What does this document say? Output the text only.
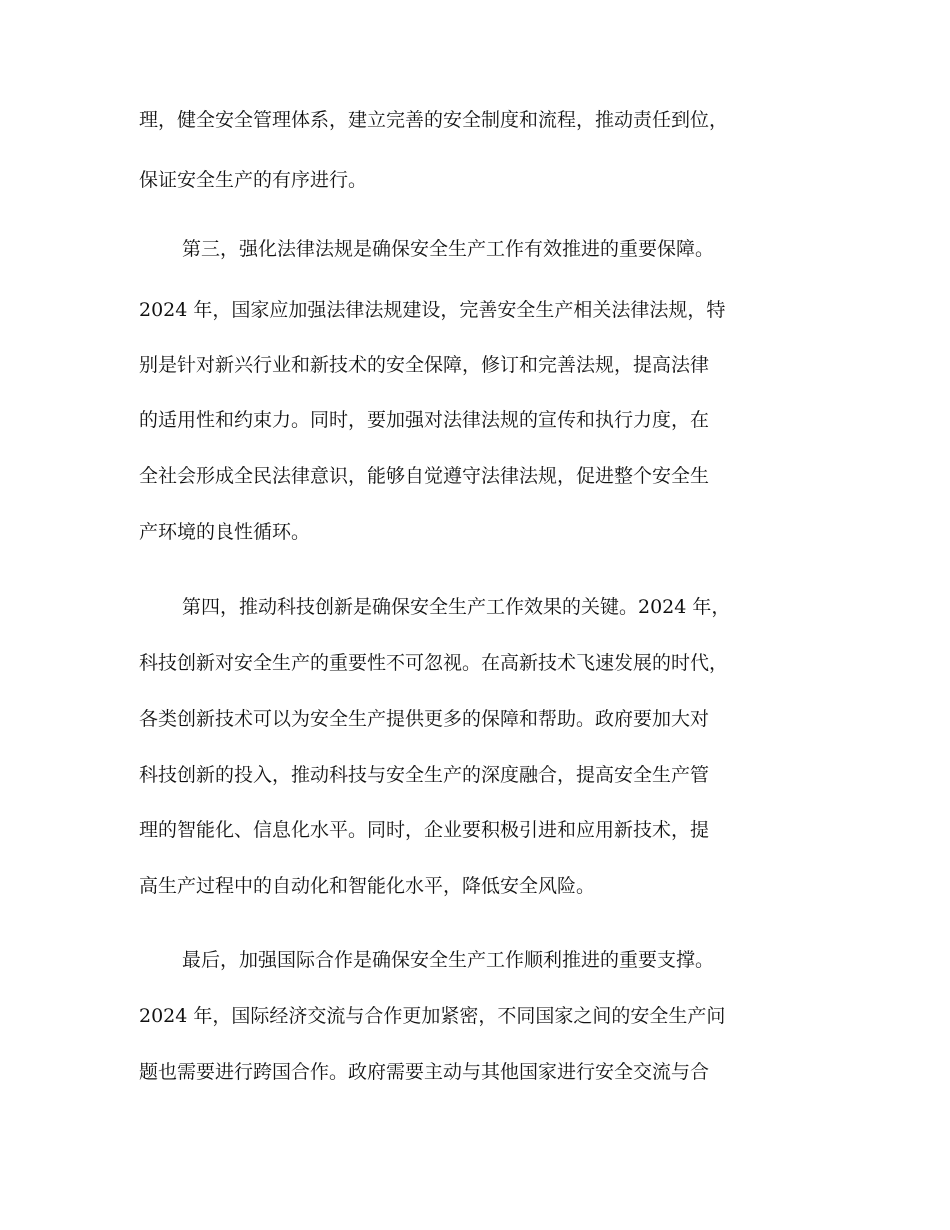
理，健全安全管理体系，建立完善的安全制度和流程，推动责任到位，
保证安全生产的有序进行。
第三，强化法律法规是确保安全生产工作有效推进的重要保障。
2024 年，国家应加强法律法规建设，完善安全生产相关法律法规，特
别是针对新兴行业和新技术的安全保障，修订和完善法规，提高法律
的适用性和约束力。同时，要加强对法律法规的宣传和执行力度，在
全社会形成全民法律意识，能够自觉遵守法律法规，促进整个安全生
产环境的良性循环。
第四，推动科技创新是确保安全生产工作效果的关键。2024 年，
科技创新对安全生产的重要性不可忽视。在高新技术飞速发展的时代，
各类创新技术可以为安全生产提供更多的保障和帮助。政府要加大对
科技创新的投入，推动科技与安全生产的深度融合，提高安全生产管
理的智能化、信息化水平。同时，企业要积极引进和应用新技术，提
高生产过程中的自动化和智能化水平，降低安全风险。
最后，加强国际合作是确保安全生产工作顺利推进的重要支撑。
2024 年，国际经济交流与合作更加紧密，不同国家之间的安全生产问
题也需要进行跨国合作。政府需要主动与其他国家进行安全交流与合
